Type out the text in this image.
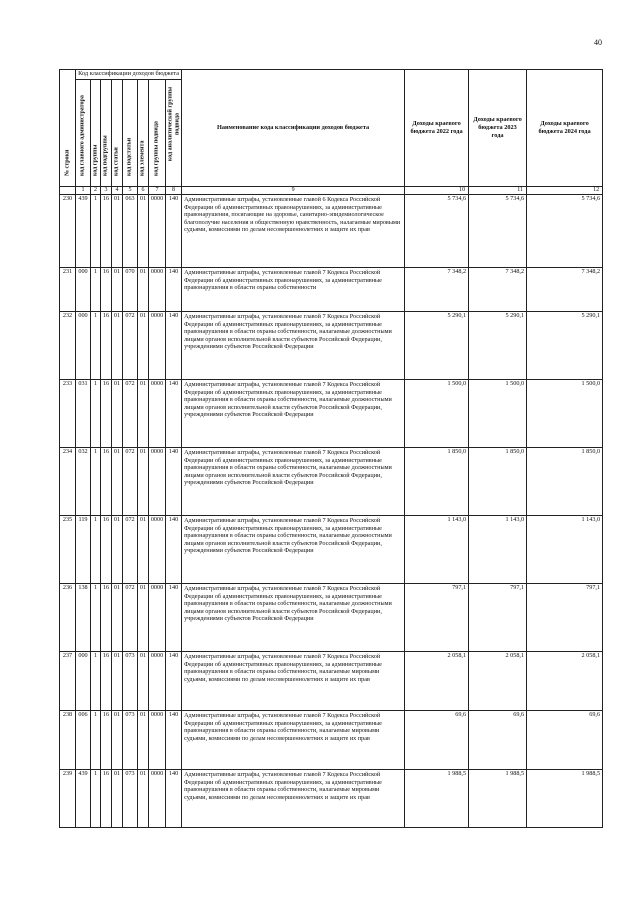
40
№ строки	Код классификации доходов бюджета								Наименование кода классификации доходов бюджета	Доходы краевого бюджета 2022 года	Доходы краевого бюджета 2023 года	Доходы краевого бюджета 2024 года

	код главного администратора	код группы	код подгруппы	код статьи	код подстатьи	код элемента	код группы подвида	код аналитической группы подвида				

	1	2	3	4	5	6	7	8	9	10	11	12
230	439	1	16	01	063	01	0000	140	Административные штрафы, установленные главой 6 Кодекса Российской Федерации об административных правонарушениях, за административные правонарушения, посягающие на здоровье, санитарно-эпидемиологическое благополучие населения и общественную нравственность, налагаемые мировыми судьями, комиссиями по делам несовершеннолетних и защите их прав	5 734,6	5 734,6	5 734,6
231	000	1	16	01	070	01	0000	140	Административные штрафы, установленные главой 7 Кодекса Российской Федерации об административных правонарушениях, за административные правонарушения в области охраны собственности	7 348,2	7 348,2	7 348,2
232	000	1	16	01	072	01	0000	140	Административные штрафы, установленные главой 7 Кодекса Российской Федерации об административных правонарушениях, за административные правонарушения в области охраны собственности, налагаемые должностными лицами органов исполнительной власти субъектов Российской Федерации, учреждениями субъектов Российской Федерации	5 290,1	5 290,1	5 290,1
233	031	1	16	01	072	01	0000	140	Административные штрафы, установленные главой 7 Кодекса Российской Федерации об административных правонарушениях, за административные правонарушения в области охраны собственности, налагаемые должностными лицами органов исполнительной власти субъектов Российской Федерации, учреждениями субъектов Российской Федерации	1 500,0	1 500,0	1 500,0
234	032	1	16	01	072	01	0000	140	Административные штрафы, установленные главой 7 Кодекса Российской Федерации об административных правонарушениях, за административные правонарушения в области охраны собственности, налагаемые должностными лицами органов исполнительной власти субъектов Российской Федерации, учреждениями субъектов Российской Федерации	1 850,0	1 850,0	1 850,0
235	119	1	16	01	072	01	0000	140	Административные штрафы, установленные главой 7 Кодекса Российской Федерации об административных правонарушениях, за административные правонарушения в области охраны собственности, налагаемые должностными лицами органов исполнительной власти субъектов Российской Федерации, учреждениями субъектов Российской Федерации	1 143,0	1 143,0	1 143,0
236	138	1	16	01	072	01	0000	140	Административные штрафы, установленные главой 7 Кодекса Российской Федерации об административных правонарушениях, за административные правонарушения в области охраны собственности, налагаемые должностными лицами органов исполнительной власти субъектов Российской Федерации, учреждениями субъектов Российской Федерации	797,1	797,1	797,1
237	000	1	16	01	073	01	0000	140	Административные штрафы, установленные главой 7 Кодекса Российской Федерации об административных правонарушениях, за административные правонарушения в области охраны собственности, налагаемые мировыми судьями, комиссиями по делам несовершеннолетних и защите их прав	2 058,1	2 058,1	2 058,1
238	006	1	16	01	073	01	0000	140	Административные штрафы, установленные главой 7 Кодекса Российской Федерации об административных правонарушениях, за административные правонарушения в области охраны собственности, налагаемые мировыми судьями, комиссиями по делам несовершеннолетних и защите их прав	69,6	69,6	69,6
239	439	1	16	01	073	01	0000	140	Административные штрафы, установленные главой 7 Кодекса Российской Федерации об административных правонарушениях, за административные правонарушения в области охраны собственности, налагаемые мировыми судьями, комиссиями по делам несовершеннолетних и защите их прав	1 988,5	1 988,5	1 988,5
